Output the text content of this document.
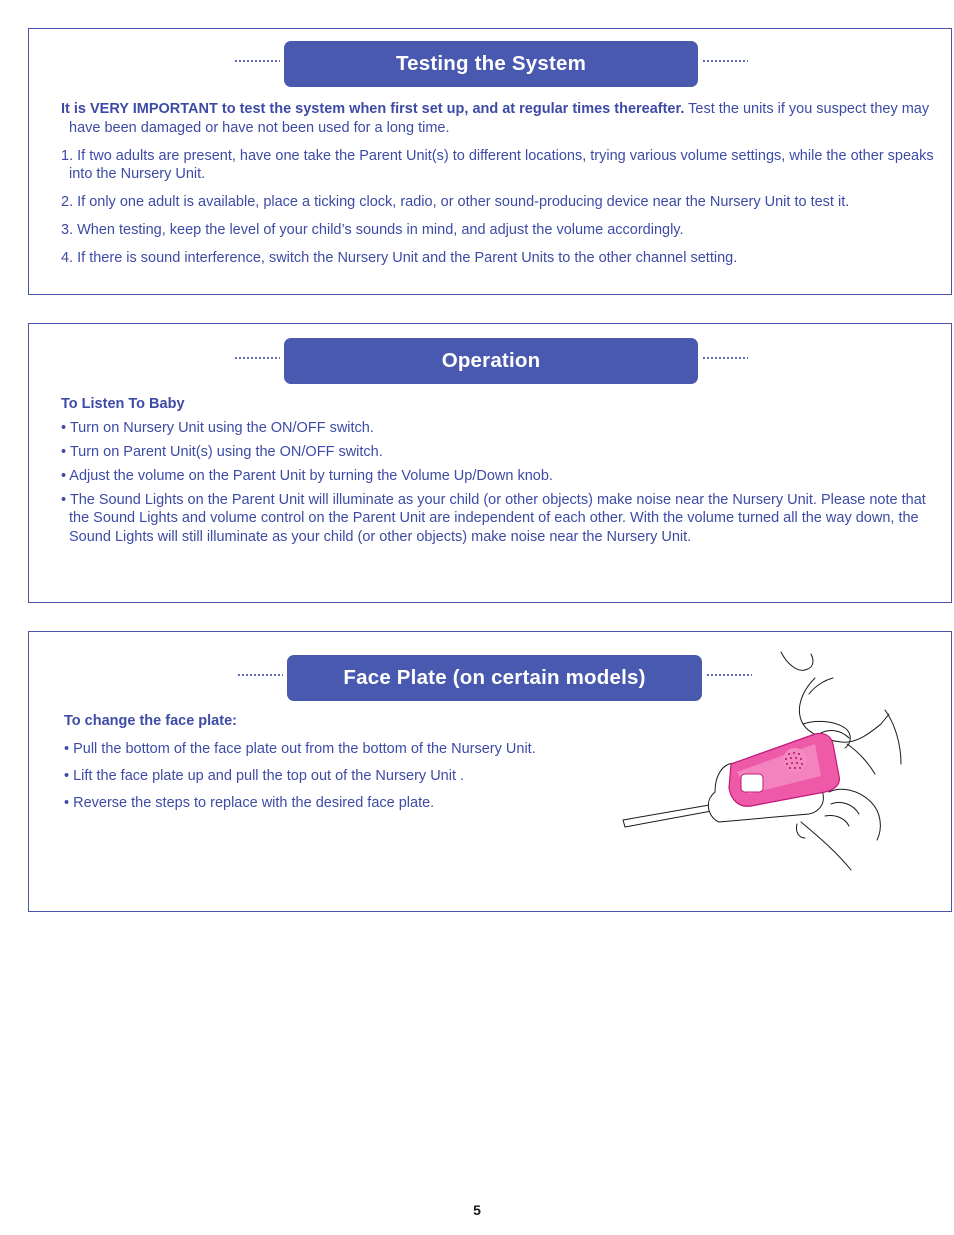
Testing the System

It is VERY IMPORTANT to test the system when first set up, and at regular times thereafter. Test the units if you suspect they may have been damaged or have not been used for a long time.

1. If two adults are present, have one take the Parent Unit(s) to different locations, trying various volume settings, while the other speaks into the Nursery Unit.

2. If only one adult is available, place a ticking clock, radio, or other sound-producing device near the Nursery Unit to test it.

3. When testing, keep the level of your child’s sounds in mind, and adjust the volume accordingly.

4. If there is sound interference, switch the Nursery Unit and the Parent Units to the other channel setting.

Operation

To Listen To Baby

• Turn on Nursery Unit using the ON/OFF switch.

• Turn on Parent Unit(s) using the ON/OFF switch.

• Adjust the volume on the Parent Unit by turning the Volume Up/Down knob.

• The Sound Lights on the Parent Unit will illuminate as your child (or other objects) make noise near the Nursery Unit. Please note that the Sound Lights and volume control on the Parent Unit are independent of each other. With the volume turned all the way down, the Sound Lights will still illuminate as your child (or other objects) make noise near the Nursery Unit.

Face Plate (on certain models)

To change the face plate:

• Pull the bottom of the face plate out from the bottom of the Nursery Unit.

• Lift the face plate up and pull the top out of the Nursery Unit .

• Reverse the steps to replace with the desired face plate.

5
